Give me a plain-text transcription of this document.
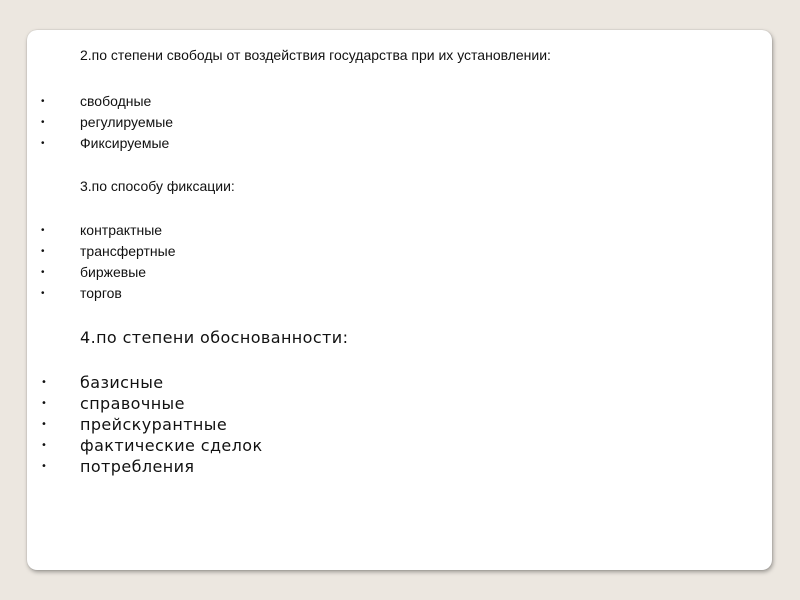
2.по степени свободы от воздействия государства при их установлении:
•	свободные
•	регулируемые
•	Фиксируемые
3.по способу фиксации:
•	контрактные
•	трансфертные
•	биржевые
•	торгов
4.по степени обоснованности:
• базисные
• справочные
• прейскурантные
• фактические сделок
• потребления
